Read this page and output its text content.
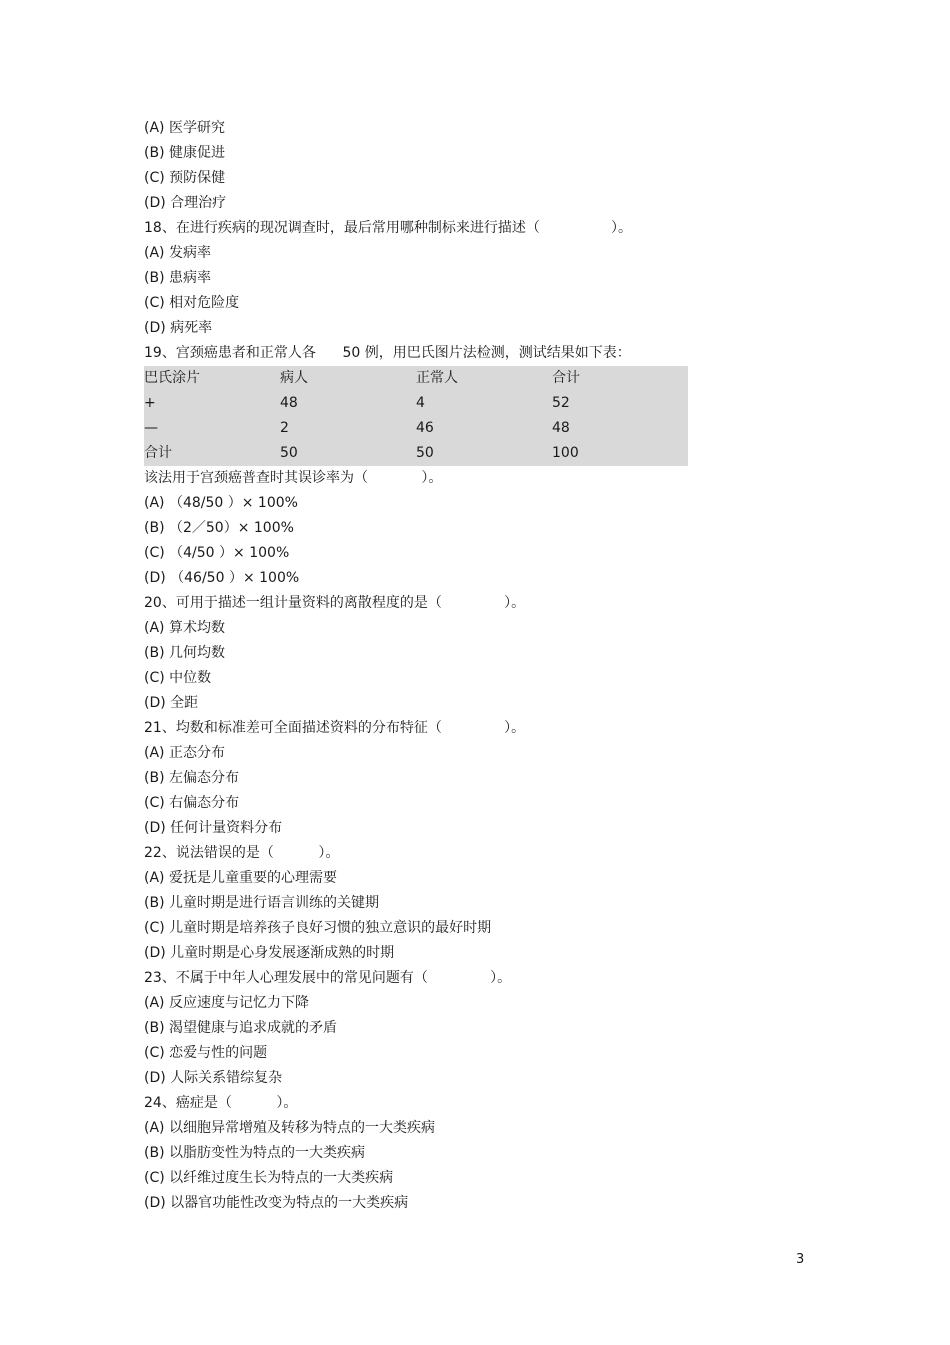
(A) 医学研究
(B) 健康促进
(C) 预防保健
(D) 合理治疗
18、在进行疾病的现况调查时，最后常用哪种制标来进行描述（                ）。
(A) 发病率
(B) 患病率
(C) 相对危险度
(D) 病死率
19、宫颈癌患者和正常人各      50 例，用巴氏图片法检测，测试结果如下表：
巴氏涂片	病人	正常人	合计
+	48	4	52
—	2	46	48
合计	50	50	100
该法用于宫颈癌普查时其误诊率为（            ）。
(A) （48/50 ）× 100%
(B) （2／50）× 100%
(C) （4/50 ）× 100%
(D) （46/50 ）× 100%
20、可用于描述一组计量资料的离散程度的是（              ）。
(A) 算术均数
(B) 几何均数
(C) 中位数
(D) 全距
21、均数和标准差可全面描述资料的分布特征（              ）。
(A) 正态分布
(B) 左偏态分布
(C) 右偏态分布
(D) 任何计量资料分布
22、说法错误的是（          ）。
(A) 爱抚是儿童重要的心理需要
(B) 儿童时期是进行语言训练的关键期
(C) 儿童时期是培养孩子良好习惯的独立意识的最好时期
(D) 儿童时期是心身发展逐渐成熟的时期
23、不属于中年人心理发展中的常见问题有（              ）。
(A) 反应速度与记忆力下降
(B) 渴望健康与追求成就的矛盾
(C) 恋爱与性的问题
(D) 人际关系错综复杂
24、癌症是（          ）。
(A) 以细胞异常增殖及转移为特点的一大类疾病
(B) 以脂肪变性为特点的一大类疾病
(C) 以纤维过度生长为特点的一大类疾病
(D) 以器官功能性改变为特点的一大类疾病
3
